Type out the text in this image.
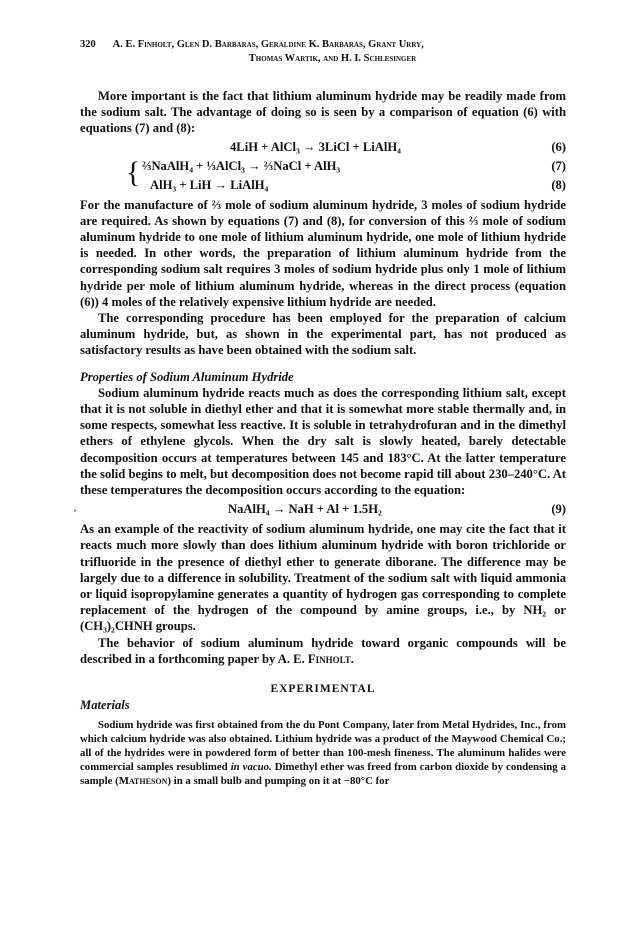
320 A. E. Finholt, Glen D. Barbaras, Geraldine K. Barbaras, Grant Urry,
Thomas Wartik, and H. I. Schlesinger

More important is the fact that lithium aluminum hydride may be readily made from the sodium salt. The advantage of doing so is seen by a comparison of equation (6) with equations (7) and (8):

4LiH + AlCl₃ → 3LiCl + LiAlH₄	(6)
{ ⅔NaAlH₄ + ⅓AlCl₃ → ⅔NaCl + AlH₃	(7)
AlH₃ + LiH → LiAlH₄	(8)

For the manufacture of ⅔ mole of sodium aluminum hydride, 3 moles of sodium hydride are required. As shown by equations (7) and (8), for conversion of this ⅔ mole of sodium aluminum hydride to one mole of lithium aluminum hydride, one mole of lithium hydride is needed. In other words, the preparation of lithium aluminum hydride from the corresponding sodium salt requires 3 moles of sodium hydride plus only 1 mole of lithium hydride per mole of lithium aluminum hydride, whereas in the direct process (equation (6)) 4 moles of the relatively expensive lithium hydride are needed.

The corresponding procedure has been employed for the preparation of calcium aluminum hydride, but, as shown in the experimental part, has not produced as satisfactory results as have been obtained with the sodium salt.

Properties of Sodium Aluminum Hydride

Sodium aluminum hydride reacts much as does the corresponding lithium salt, except that it is not soluble in diethyl ether and that it is somewhat more stable thermally and, in some respects, somewhat less reactive. It is soluble in tetrahydrofuran and in the dimethyl ethers of ethylene glycols. When the dry salt is slowly heated, barely detectable decomposition occurs at temperatures between 145 and 183°C. At the latter temperature the solid begins to melt, but decomposition does not become rapid till about 230–240°C. At these temperatures the decomposition occurs according to the equation:

,	NaAlH₄ → NaH + Al + 1.5H₂	(9)

As an example of the reactivity of sodium aluminum hydride, one may cite the fact that it reacts much more slowly than does lithium aluminum hydride with boron trichloride or trifluoride in the presence of diethyl ether to generate diborane. The difference may be largely due to a difference in solubility. Treatment of the sodium salt with liquid ammonia or liquid isopropylamine generates a quantity of hydrogen gas corresponding to complete replacement of the hydrogen of the compound by amine groups, i.e., by NH₂ or (CH₃)₂CHNH groups.

The behavior of sodium aluminum hydride toward organic compounds will be described in a forthcoming paper by A. E. Finholt.

EXPERIMENTAL

Materials

Sodium hydride was first obtained from the du Pont Company, later from Metal Hydrides, Inc., from which calcium hydride was also obtained. Lithium hydride was a product of the Maywood Chemical Co.; all of the hydrides were in powdered form of better than 100-mesh fineness. The aluminum halides were commercial samples resublimed in vacuo. Dimethyl ether was freed from carbon dioxide by condensing a sample (Matheson) in a small bulb and pumping on it at −80°C for
